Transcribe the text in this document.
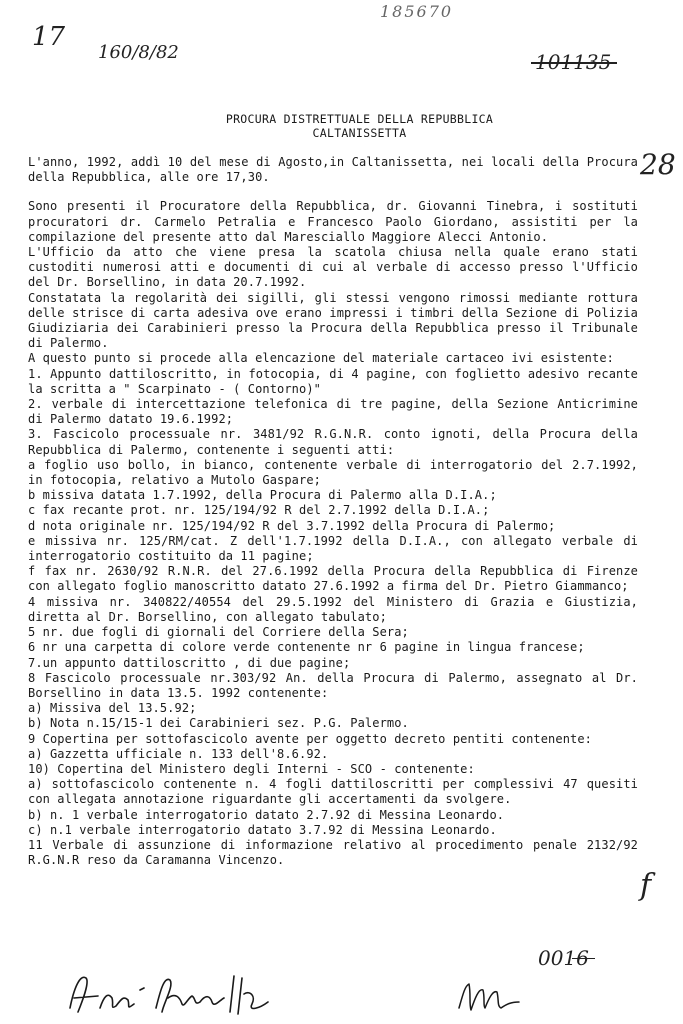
17
160/8/82
185670
101135
28
f
0016
PROCURA DISTRETTUALE DELLA REPUBBLICA
CALTANISSETTA

L'anno, 1992, addì 10 del mese di Agosto,in Caltanissetta, nei locali della Procura della Repubblica, alle ore 17,30.

Sono presenti il Procuratore della Repubblica, dr. Giovanni Tinebra, i sostituti procuratori dr. Carmelo Petralia e Francesco Paolo Giordano, assistiti per la compilazione del presente atto dal Maresciallo Maggiore Alecci Antonio.

L'Ufficio da atto che viene presa la scatola chiusa nella quale erano stati custoditi numerosi atti e documenti di cui al verbale di accesso presso l'Ufficio del Dr. Borsellino, in data 20.7.1992.

Constatata la regolarità dei sigilli, gli stessi vengono rimossi mediante rottura delle strisce di carta adesiva ove erano impressi i timbri della Sezione di Polizia Giudiziaria dei Carabinieri presso la Procura della Repubblica presso il Tribunale di Palermo.

A questo punto si procede alla elencazione del materiale cartaceo ivi esistente:

1. Appunto dattiloscritto, in fotocopia, di 4 pagine, con foglietto adesivo recante la scritta a " Scarpinato - ( Contorno)"

2. verbale di intercettazione telefonica di tre pagine, della Sezione Anticrimine di Palermo datato 19.6.1992;

3. Fascicolo processuale nr. 3481/92 R.G.N.R. conto ignoti, della Procura della Repubblica di Palermo, contenente i seguenti atti:

a foglio uso bollo, in bianco, contenente verbale di interrogatorio del 2.7.1992, in fotocopia, relativo a Mutolo Gaspare;

b missiva datata 1.7.1992, della Procura di Palermo alla D.I.A.;

c fax recante prot. nr. 125/194/92 R del 2.7.1992 della D.I.A.;

d nota originale nr. 125/194/92 R del 3.7.1992 della Procura di Palermo;

e missiva nr. 125/RM/cat. Z dell'1.7.1992 della D.I.A., con allegato verbale di interrogatorio costituito da 11 pagine;

f fax nr. 2630/92 R.N.R. del 27.6.1992 della Procura della Repubblica di Firenze con allegato foglio manoscritto datato 27.6.1992 a firma del Dr. Pietro Giammanco;

4 missiva nr. 340822/40554 del 29.5.1992 del Ministero di Grazia e Giustizia, diretta al Dr. Borsellino, con allegato tabulato;

5 nr. due fogli di giornali del Corriere della Sera;

6 nr una carpetta di colore verde contenente nr 6 pagine in lingua francese;

7.un appunto dattiloscritto , di due pagine;

8 Fascicolo processuale nr.303/92 An. della Procura di Palermo, assegnato al Dr. Borsellino in data 13.5. 1992 contenente:

a) Missiva del 13.5.92;

b) Nota n.15/15-1 dei Carabinieri sez. P.G. Palermo.

9 Copertina per sottofascicolo avente per oggetto decreto pentiti contenente:

a) Gazzetta ufficiale n. 133 dell'8.6.92.

10) Copertina del Ministero degli Interni - SCO - contenente:

a) sottofascicolo contenente n. 4 fogli dattiloscritti per complessivi 47 quesiti con allegata annotazione riguardante gli accertamenti da svolgere.

b) n. 1 verbale interrogatorio datato 2.7.92 di Messina Leonardo.

c) n.1 verbale interrogatorio datato 3.7.92 di Messina Leonardo.

11 Verbale di assunzione di informazione relativo al procedimento penale 2132/92 R.G.N.R reso da Caramanna Vincenzo.
